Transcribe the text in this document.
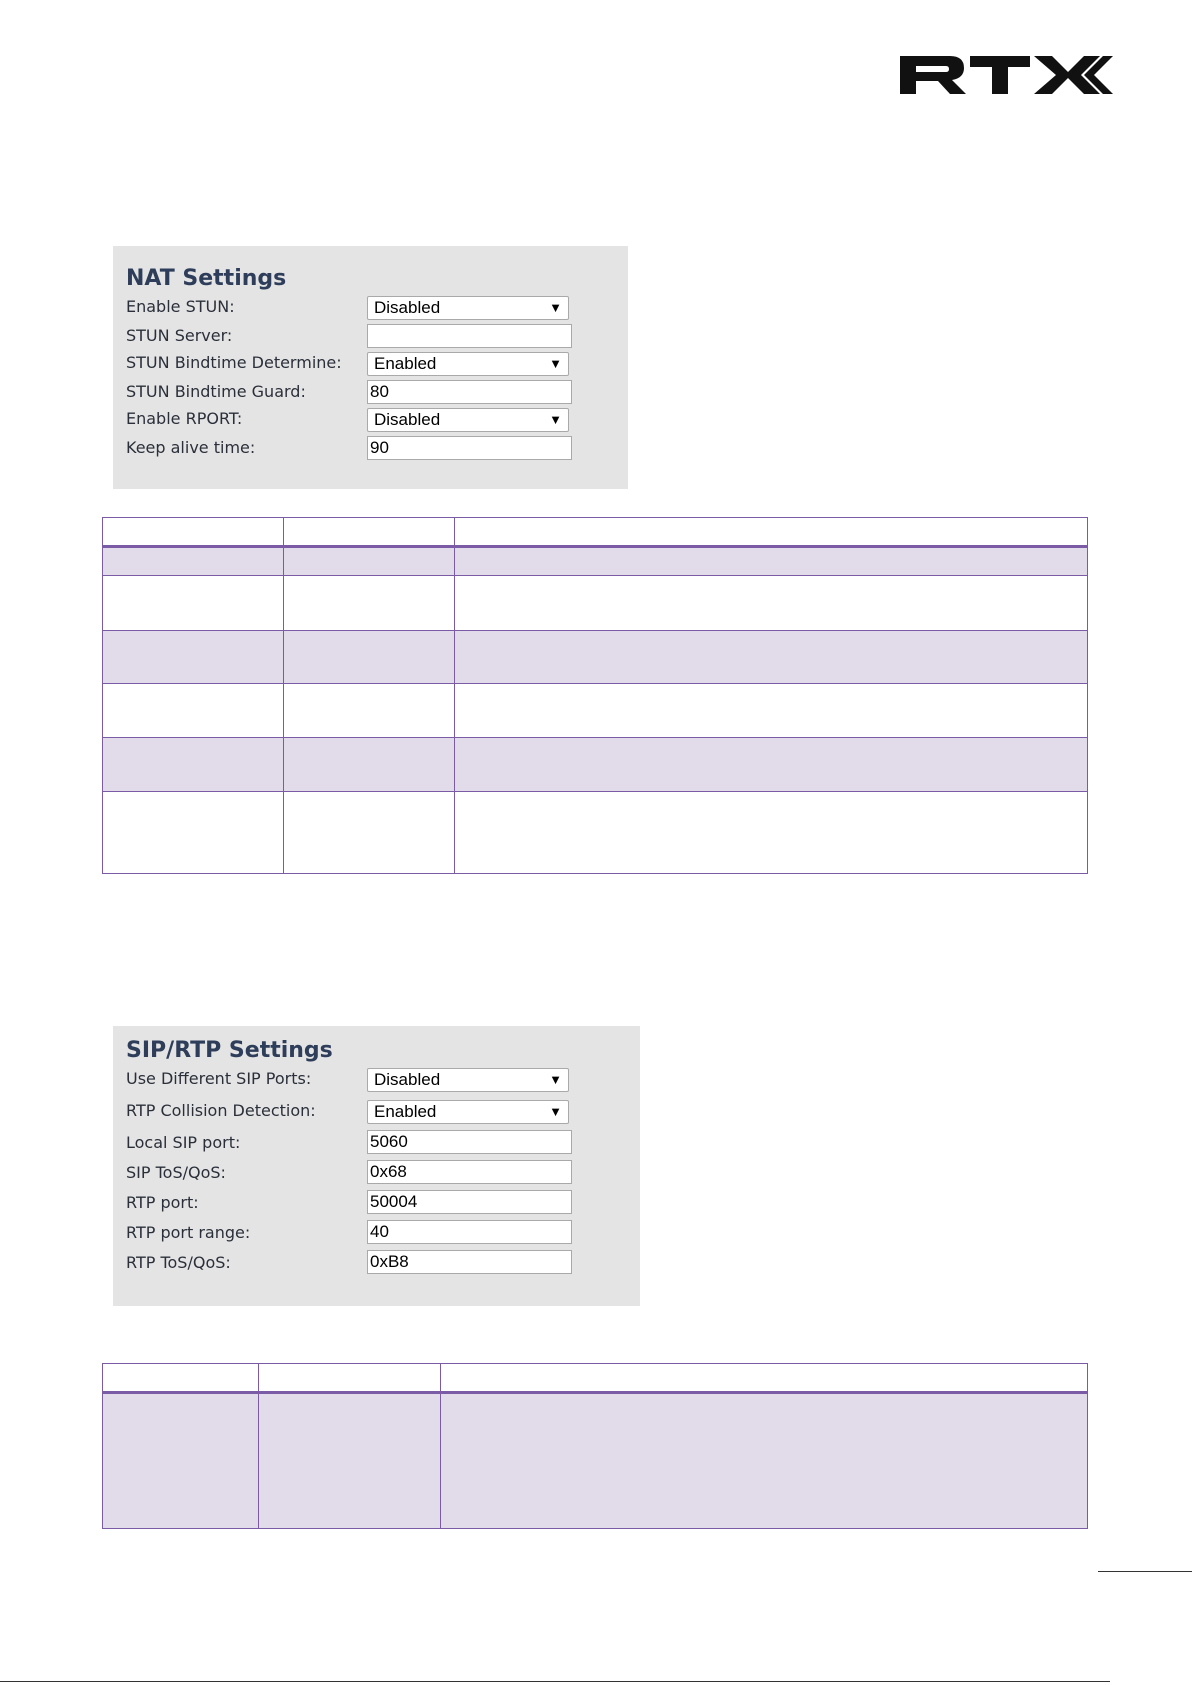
NAT Settings
Enable STUN:	Disabled	▼
STUN Server:
STUN Bindtime Determine:	Enabled	▼
STUN Bindtime Guard:	80
Enable RPORT:	Disabled	▼
Keep alive time:	90

SIP/RTP Settings
Use Different SIP Ports:	Disabled	▼
RTP Collision Detection:	Enabled	▼
Local SIP port:	5060
SIP ToS/QoS:	0x68
RTP port:	50004
RTP port range:	40
RTP ToS/QoS:	0xB8
